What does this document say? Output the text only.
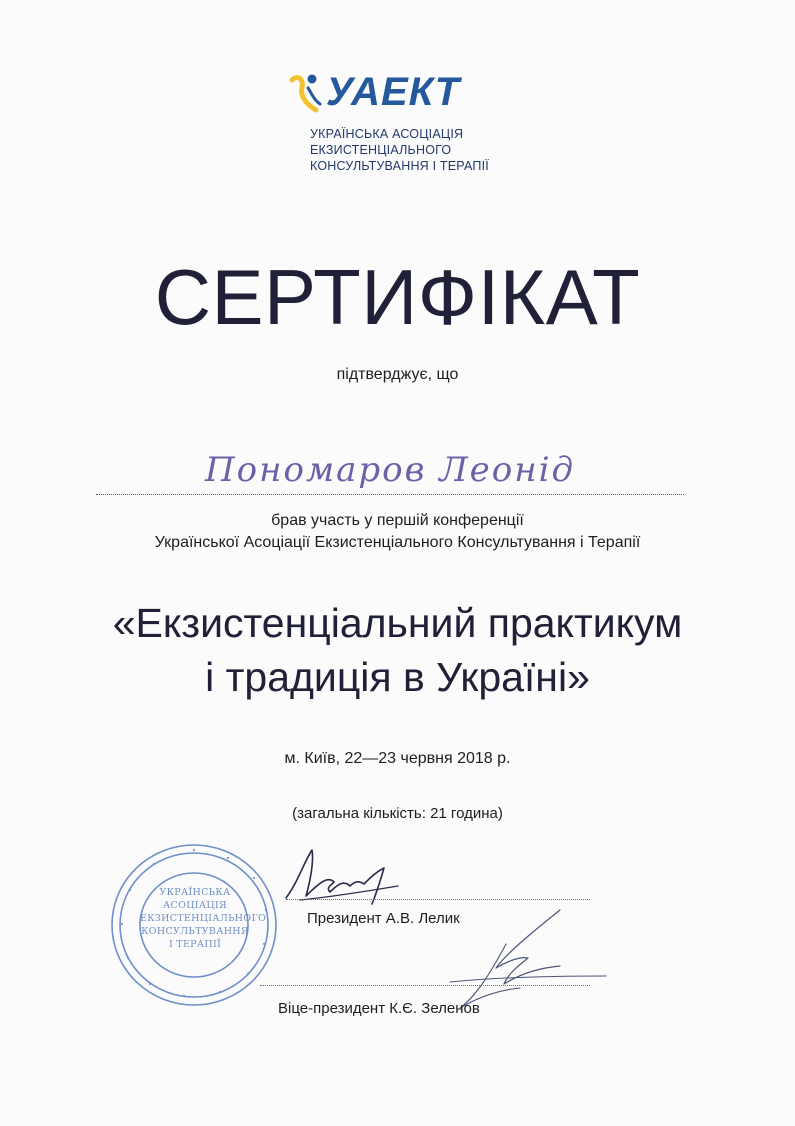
УАЕКТ
УКРАЇНСЬКА АСОЦІАЦІЯ
ЕКЗИСТЕНЦІАЛЬНОГО
КОНСУЛЬТУВАННЯ І ТЕРАПІЇ
СЕРТИФІКАТ
підтверджує, що
Пономаров Леонід
брав участь у першій конференції
Української Асоціації Екзистенціального Консультування і Терапії
«Екзистенціальний практикум
і традиція в Україні»
м. Київ, 22—23 червня 2018 р.
(загальна кількість: 21 година)
УКРАЇНСЬКА
АСОЦІАЦІЯ
ЕКЗИСТЕНЦІАЛЬНОГО
КОНСУЛЬТУВАННЯ
І ТЕРАПІЇ
Президент А.В. Лелик
Віце-президент К.Є. Зеленов
